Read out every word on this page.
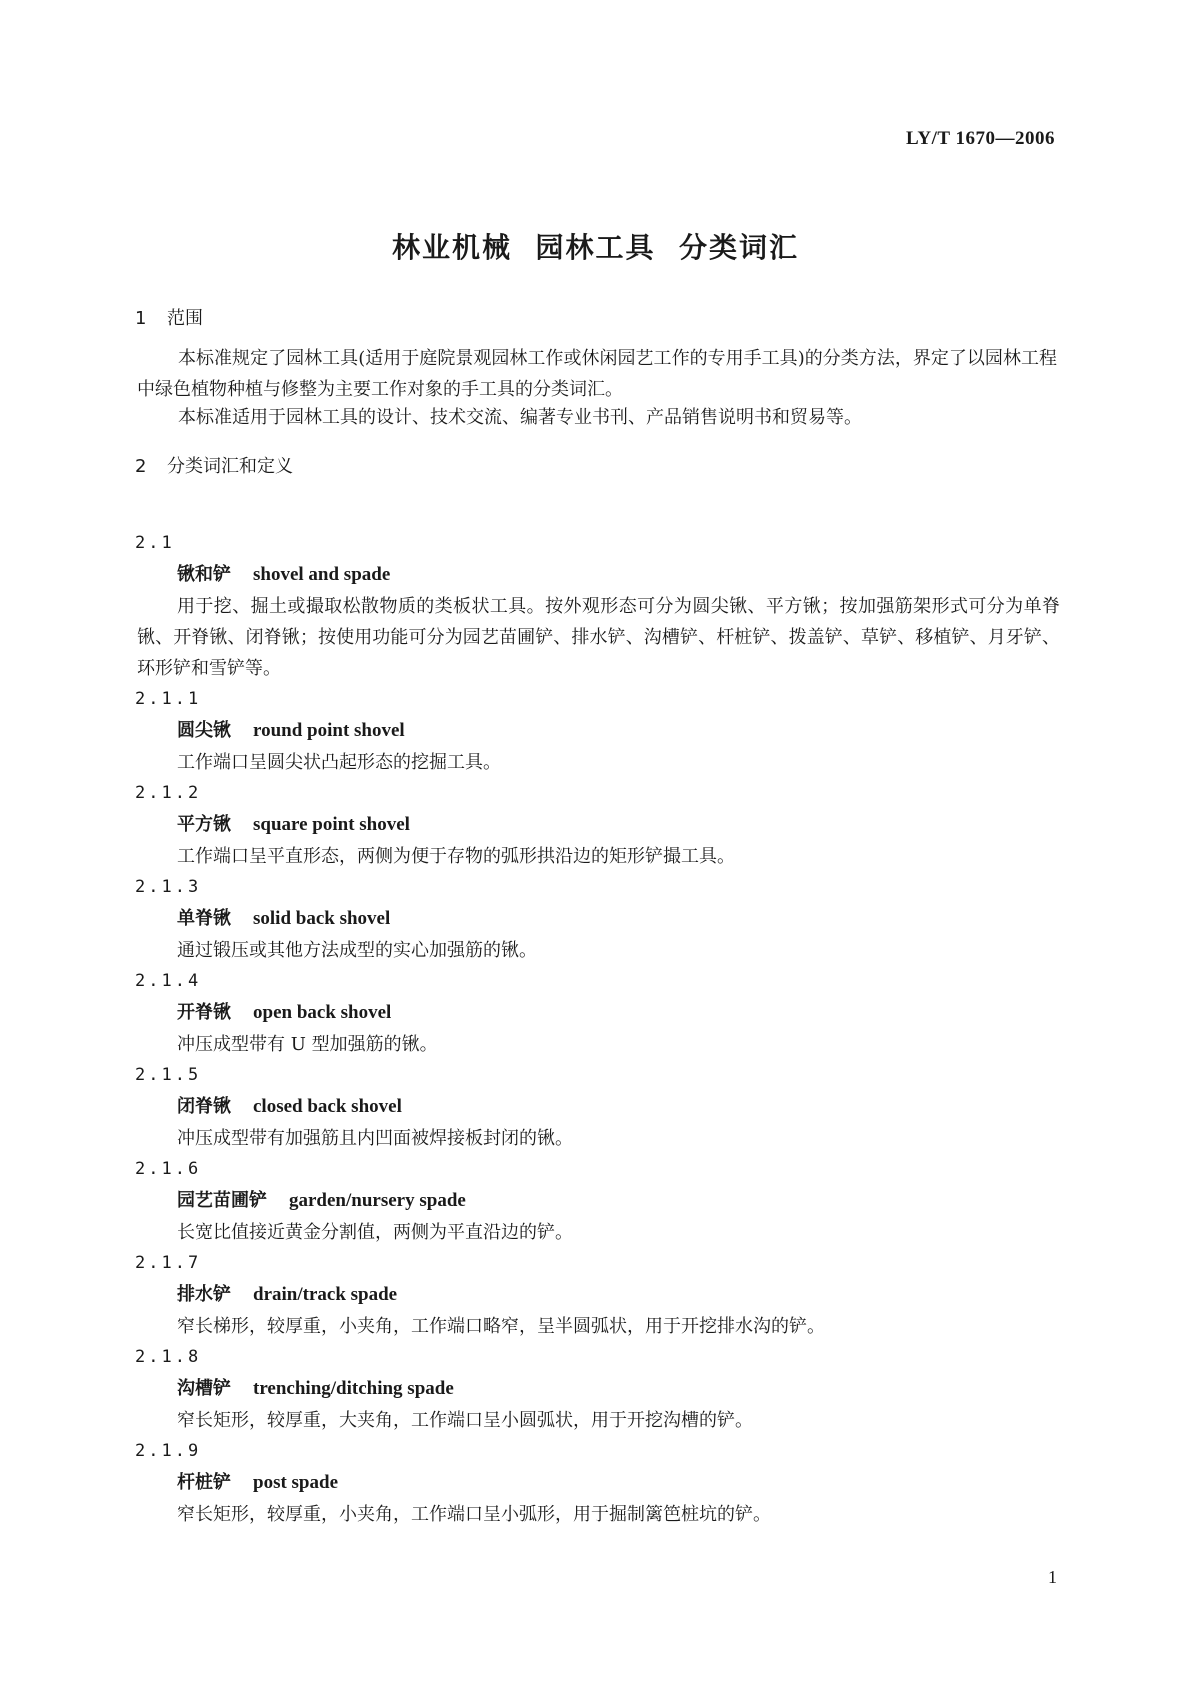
LY/T 1670—2006
林业机械  园林工具  分类词汇
1 范围
本标准规定了园林工具(适用于庭院景观园林工作或休闲园艺工作的专用手工具)的分类方法，界定了以园林工程中绿色植物种植与修整为主要工作对象的手工具的分类词汇。
本标准适用于园林工具的设计、技术交流、编著专业书刊、产品销售说明书和贸易等。
2 分类词汇和定义
2.1
锹和铲 shovel and spade
用于挖、掘土或撮取松散物质的类板状工具。按外观形态可分为圆尖锹、平方锹；按加强筋架形式可分为单脊锹、开脊锹、闭脊锹；按使用功能可分为园艺苗圃铲、排水铲、沟槽铲、杆桩铲、拨盖铲、草铲、移植铲、月牙铲、环形铲和雪铲等。
2.1.1
圆尖锹 round point shovel
工作端口呈圆尖状凸起形态的挖掘工具。
2.1.2
平方锹 square point shovel
工作端口呈平直形态，两侧为便于存物的弧形拱沿边的矩形铲撮工具。
2.1.3
单脊锹 solid back shovel
通过锻压或其他方法成型的实心加强筋的锹。
2.1.4
开脊锹 open back shovel
冲压成型带有 U 型加强筋的锹。
2.1.5
闭脊锹 closed back shovel
冲压成型带有加强筋且内凹面被焊接板封闭的锹。
2.1.6
园艺苗圃铲 garden/nursery spade
长宽比值接近黄金分割值，两侧为平直沿边的铲。
2.1.7
排水铲 drain/track spade
窄长梯形，较厚重，小夹角，工作端口略窄，呈半圆弧状，用于开挖排水沟的铲。
2.1.8
沟槽铲 trenching/ditching spade
窄长矩形，较厚重，大夹角，工作端口呈小圆弧状，用于开挖沟槽的铲。
2.1.9
杆桩铲 post spade
窄长矩形，较厚重，小夹角，工作端口呈小弧形，用于掘制篱笆桩坑的铲。
1
